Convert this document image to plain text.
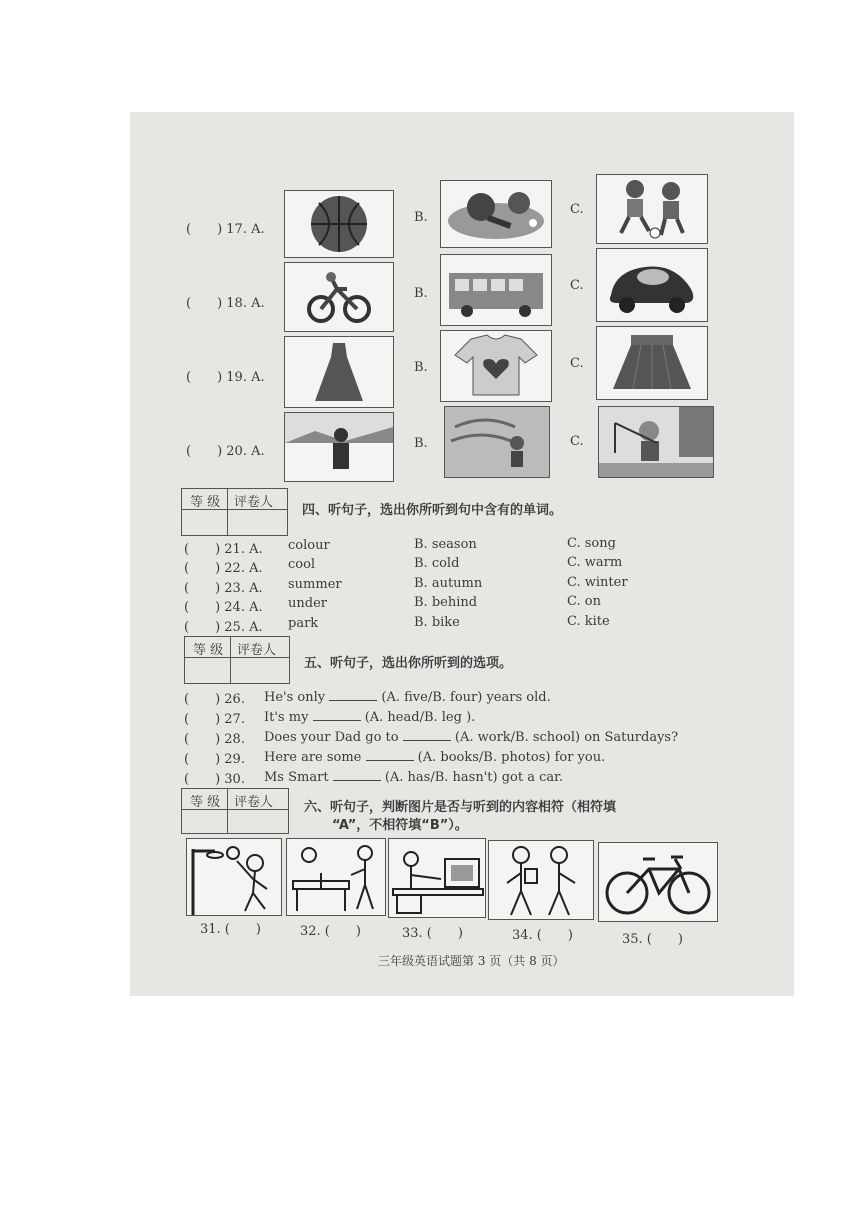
(　　) 17. A.
B.
C.
(　　) 18. A.
B.
C.
(　　) 19. A.
B.	C.
(　　) 20. A.
B.	C.
等 级 评卷人
四、听句子，选出你所听到句中含有的单词。
(　　) 21. A. colour	B. season	C. song
(　　) 22. A. cool	B. cold	C. warm
(　　) 23. A. summer	B. autumn	C. winter
(　　) 24. A. under	B. behind	C. on
(　　) 25. A. park	B. bike	C. kite
等 级 评卷人
五、听句子，选出你所听到的选项。
(　　) 26. He's only	(A. five/B. four) years old.
(　　) 27. It's my	(A. head/B. leg ).
(　　) 28. Does your Dad go to	(A. work/B. school) on Saturdays?
(　　) 29. Here are some	(A. books/B. photos) for you.
(　　) 30. Ms Smart	(A. has/B. hasn't) got a car.
等 级 评卷人 六、听句子，判断图片是否与听到的内容相符（相符填
“A”，不相符填“B”）。
31. (　　)	32. (　　)	33. (　　)	34. (　　)	35. (　　)
三年级英语试题第 3 页（共 8 页）
